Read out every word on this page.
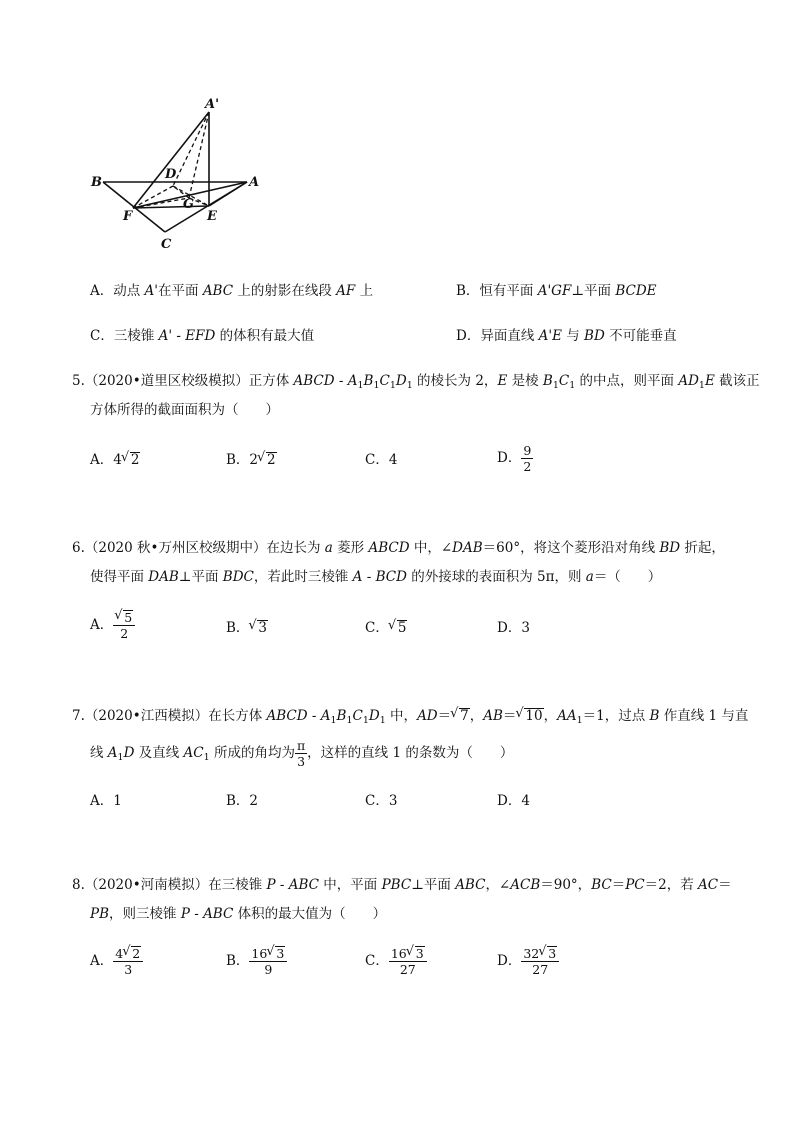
A'
B	A
D
G
F	E
C
A．动点 A'在平面 ABC 上的射影在线段 AF 上	B．恒有平面 A'GF⊥平面 BCDE
C．三棱锥 A' - EFD 的体积有最大值	D．异面直线 A'E 与 BD 不可能垂直
5.（2020•道里区校级模拟）正方体 ABCD - $A_1B_1C_1D_1$ 的棱长为 2，E 是棱 $B_1C_1$ 的中点，则平面 $AD_1E$ 截该正
方体所得的截面面积为（　　）
A．4 √ 2	B．2 √ 2	C．4	D． $\frac{9}{2}$
6.（2020 秋•万州区校级期中）在边长为 a 菱形 ABCD 中，∠DAB＝60°，将这个菱形沿对角线 BD 折起，
使得平面 DAB⊥平面 BDC，若此时三棱锥 A - BCD 的外接球的表面积为 5π，则 a＝（　　）
A． √ $\frac{5}{2}$	B． √ 3	C． √ 5	D．3
7.（2020•江西模拟）在长方体 ABCD - $A_1B_1C_1D_1$ 中，AD＝ √ 7，AB＝ √ 10，$AA_1=1$，过点 B 作直线 1 与直
线 $A_1D$ 及直线 $AC_1$ 所成的角均为 $\frac{\pi}{3}$ ，这样的直线 1 的条数为（　　）
A．1	B．2	C．3	D．4
8.（2020•河南模拟）在三棱锥 P - ABC 中，平面 PBC⊥平面 ABC，∠ACB＝90°，BC＝PC＝2，若 AC＝
PB，则三棱锥 P - ABC 体积的最大值为（　　）
A． $\frac{4 √ 2}{3}$	B． $\frac{16 √ 3}{9}$	C． $\frac{16 √ 3}{27}$	D． $\frac{32 √ 3}{27}$
